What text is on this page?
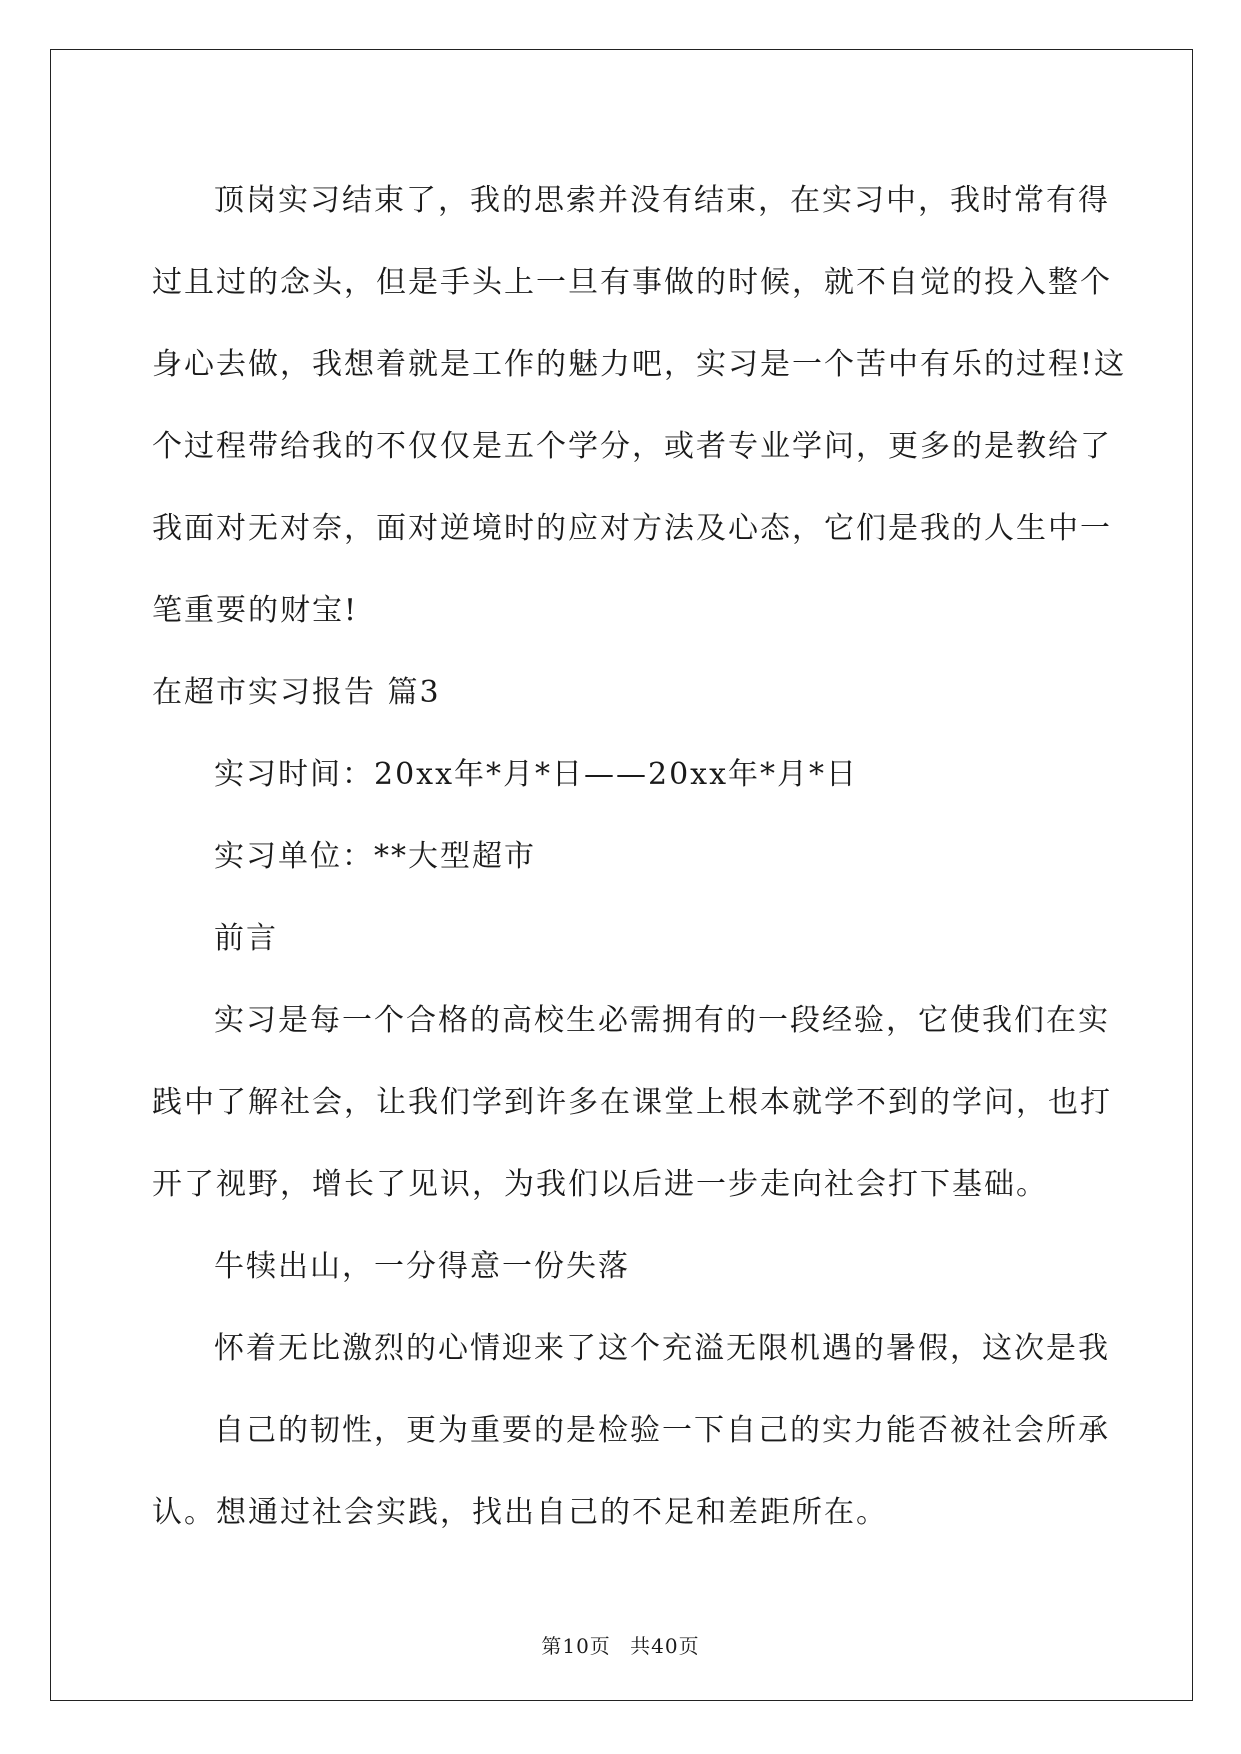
顶岗实习结束了，我的思索并没有结束，在实习中，我时常有得
过且过的念头，但是手头上一旦有事做的时候，就不自觉的投入整个
身心去做，我想着就是工作的魅力吧，实习是一个苦中有乐的过程!这
个过程带给我的不仅仅是五个学分，或者专业学问，更多的是教给了
我面对无对奈，面对逆境时的应对方法及心态，它们是我的人生中一
笔重要的财宝!
在超市实习报告 篇3
实习时间：20xx年*月*日——20xx年*月*日
实习单位：**大型超市
前言
实习是每一个合格的高校生必需拥有的一段经验，它使我们在实
践中了解社会，让我们学到许多在课堂上根本就学不到的学问，也打
开了视野，增长了见识，为我们以后进一步走向社会打下基础。
牛犊出山，一分得意一份失落
怀着无比激烈的心情迎来了这个充溢无限机遇的暑假，这次是我
自己的韧性，更为重要的是检验一下自己的实力能否被社会所承
认。想通过社会实践，找出自己的不足和差距所在。
第10页 共40页
